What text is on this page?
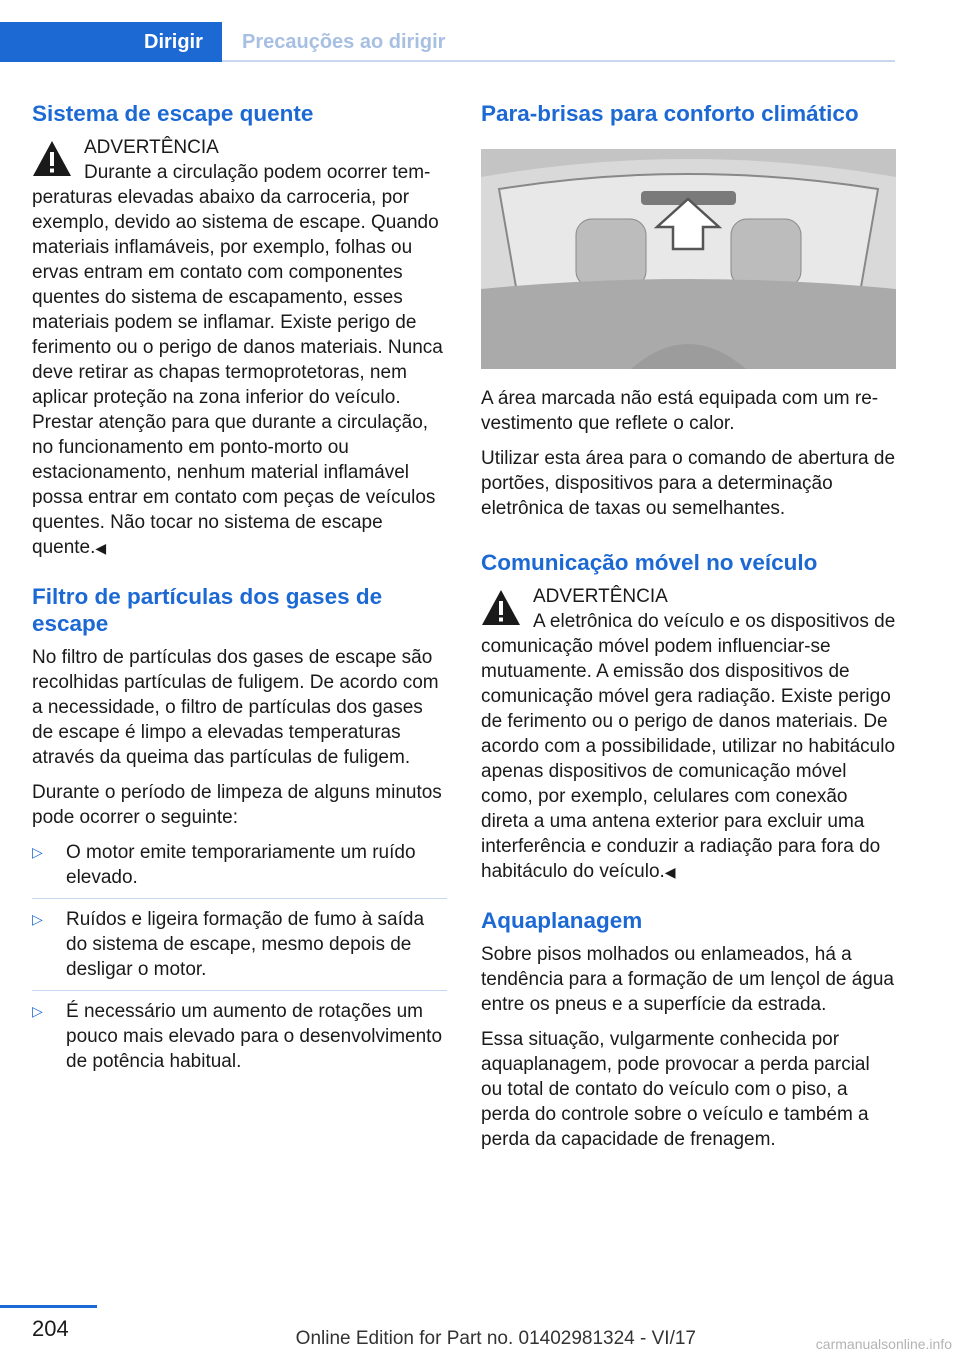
Dirigir	Precauções ao dirigir
Sistema de escape quente
ADVERTÊNCIA
Durante a circulação podem ocorrer temperaturas elevadas abaixo da carroceria, por exemplo, devido ao sistema de escape. Quando materiais inflamáveis, por exemplo, folhas ou ervas entram em contato com componentes quentes do sistema de escapamento, esses materiais podem se inflamar. Existe perigo de ferimento ou o perigo de danos materiais. Nunca deve retirar as chapas termoprotetoras, nem aplicar proteção na zona inferior do veículo. Prestar atenção para que durante a circulação, no funcionamento em ponto-morto ou estacionamento, nenhum material inflamável possa entrar em contato com peças de veículos quentes. Não tocar no sistema de escape quente.◀
Filtro de partículas dos gases de escape

No filtro de partículas dos gases de escape são recolhidas partículas de fuligem. De acordo com a necessidade, o filtro de partículas dos gases de escape é limpo a elevadas temperaturas através da queima das partículas de fuligem.

Durante o período de limpeza de alguns minutos pode ocorrer o seguinte:

▷ O motor emite temporariamente um ruído elevado.
▷ Ruídos e ligeira formação de fumo à saída do sistema de escape, mesmo depois de desligar o motor.
▷ É necessário um aumento de rotações um pouco mais elevado para o desenvolvimento de potência habitual.
Para-brisas para conforto climático

A área marcada não está equipada com um revestimento que reflete o calor.

Utilizar esta área para o comando de abertura de portões, dispositivos para a determinação eletrônica de taxas ou semelhantes.

Comunicação móvel no veículo
ADVERTÊNCIA
A eletrônica do veículo e os dispositivos de comunicação móvel podem influenciar-se mutuamente. A emissão dos dispositivos de comunicação móvel gera radiação. Existe perigo de ferimento ou o perigo de danos materiais. De acordo com a possibilidade, utilizar no habitáculo apenas dispositivos de comunicação móvel como, por exemplo, celulares com conexão direta a uma antena exterior para excluir uma interferência e conduzir a radiação para fora do habitáculo do veículo.◀
Aquaplanagem

Sobre pisos molhados ou enlameados, há a tendência para a formação de um lençol de água entre os pneus e a superfície da estrada.

Essa situação, vulgarmente conhecida por aquaplanagem, pode provocar a perda parcial ou total de contato do veículo com o piso, a perda do controle sobre o veículo e também a perda da capacidade de frenagem.

204	Online Edition for Part no. 01402981324 - VI/17	carmanualsonline.info
